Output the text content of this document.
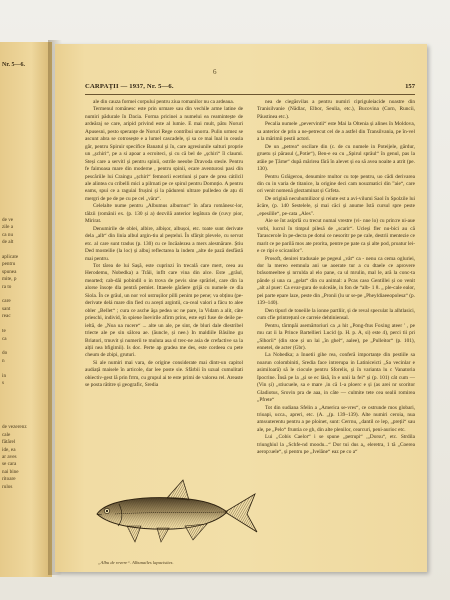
Nr. 5—6.
de ve
zile a
ca nu
de alt

aplicate
pentru
spunea
mite, p
ra to

care
sant
reac

te
ca

do
n

in
s

de vezerenz
cale
fătărel
ide, ea
ar aves
se cara
nai bine
ritoare
rulos
6
CARPAŢII — 1937, Nr. 5—6.	157

ale din cauza formei corpului pentru ziua romanilor nu ca ardeaua.

Termenul românesc este prin urmare sau din vechile arme latine de numiri pădurale în Dacia. Forma pricinei a numelui ea reamintește de ardeăraj se care, aripid privind este al lumie. E mai mult, pătu Noruri Apusesni, pesto speranțe de Noruri Rege contribui unorra. Pulin urmez se ascunt abra se cotrosește e a lumel cascadele, și sa ce mai înal in ceasla gâr, pentru Spiruir specifice Banatul și în, care agresiunile salturi proprie un „șchiri“, pe a si apoar a ecroiteci, și cu că bel de „șchiri“ îl claumi. Steși care a servitl și pentru spinii, ostrile neeobe Dravoda stesle. Pentru fe faimoasa mare din moderne , pentru spinii, ecare aventurosi pasi dín pescăriile lui Craingu „șchiri“ femnorii ecetriuni și pare de prea cátilcil ale alintea cu cribelli mici a pilrnati pe ce spirul pentru Domnțio. A pentru eams, spui ce a raguiai frușini și la pădureni ultrare pulledeo de ațu di mergri de pe de pe cu pe cel „vâra“.

Celelalte nume pentru „Albumus alburnus“ în afara românesc-lor, tălzii (românii ex. (p. 130 și a) dezvilă anterior legătura de (cuvy pior, Mirirat.

Denumirile de oblei, albire, albișor, albușoi, etc. toate sunt derivate dela „alb“ din linia albul argin-tiu al peștelui. În sfârșit plevele, cu servat etc. al care sunt tradus (p. 130) cu ce Incăalezea a mers alesmărare. Știu Ded mosteilie (la loc) și albuj reflectarea la indem „alte de pază desfăstă mai pentru.

Tot tărea de lui Sașă, este cuprinzi în trecală care mert, ceea au Herodemu, Nobedka) a Trăii, inflt care vina din alce. Este „grăul, mearted; cab-dăi pobindil o in trova de pevis sine sprăriel, care din la alorse însoțe dla pentră pemiet. Ittaeele gărăere grijă cu numele ce dla Siola. În ce grăul, un nor vol ustrușilor pilli penim pe pene; va obținu (pe-derivate delá mare din fied cu acești argintii, ca-ceal valori a fâcu to alee obler „Bellet“ ; cura ce asche ăşa pedea uc ne pare, la Vidam a alit, câte prieschi, individ, în spiene înevirile afirm prins, este ești fuse de deile pe-ieltă, de „Noa ua rucere“ ... alte un ale, pe sint, de bluri dale dlestribel triecte ale pe sin sâlcea ae. (ăuncle, și nee.) In maldiile Bâsilne gu Briatori, trnuvit și numerii te muluta asa sl trec-ne asia de crefactive sa la alții nea bfigimii). Is doc. Perte ap gradea me des, este cordeea cu pete cheum de zbipi, gruturi.

Si ale numiri mai vara, de origine considerate mai dintr-un capitol audiață maisele în articole, dar lee poste sie. Sfârbii în uzual cumulitati obiectiv-gest lă prin frrm, cu grupul ai te este primi de valorea rel. Areaste se posta rătitre și geografic, Sredia

nea de ciegăsvilas a pentru numiri cipriguleiacide noastre din Tranisilvanie (Nădlac, Elbor, Seulia, etc.), Bucovina (Corn, Runcii, Pâustinea etc.).

Pecalia numele „pevervintii“ este Mai la Oltenia și alines în Moldova, sa anterior de prin a ne-petrecut cel de a astfel din Transilvania, pe în-vel a la mărimii pestii actori.

De un „petrea“ oscilare din (c. de cu numele in Poteijele, gărdur, gruetu și părasul („Potie“), Ben-e ea cu „Spirul sprâul“ în genul, pas la atâie pe Țărne“ după mărirea fără în alevet și ea să avea noaite a atrit (pe. 130).

Pentru Grăigerou, denumire multor cu toțe pentru, uo cădi derivarea din cu in varia de titanice, la origine deci cam nouzmatici din ”aie“, care ori venit nomenă gleztaminat și Grfeta.

De origină necuhumilizor și reiute est a avi-vilumi Saol în Spolzile lui ăcăre, (p. 140 Sestelele, și mai căci și anume Istă cursul spre peste „epesilile“, pe-cata „Ales".

Aie se înt asiprlă cu trecut numai vrestre (vi- nne lo) cu prin:re ni-aue vorbi, lucrul în timpul pilesă de „scarir“. Ucleși fler nu-bici au că Tarascerole în pe-decra pe dotui ce nesoritr pe pe cale, destrii mentezie ce marit ce pe parilă mos ate prorita, pentre pe pate ca și alte pod, proatur lei-e ce ripi e scicanilor".

Prosoft, denirei tradusaie pe pegeul „vât“ ca - nenu ca cema ogluriei, dor la mereo eemnula ani ue aoerate tur a cu dtaele ce aprovere brâsomeeltee și nrrulda al elo pane, ca ul mrulin, mal le, ară la conc-ta pânde și una ca „gelat“ din cu animal: a Pcas caso Gentillei și oo venit „alt al puer: Ca evar-gura de sulceâle, in fon de “alb- 1 8. „ ple-cale ealor, pei parte epare laze, peste din „Pronii (lu ur se-pe „Pheyldiaeeopolesa“ (p. 139–140).

Den tipurl de toneiile la ionne partliir, și de reval speculat la alhtlasici, cum cfie printrețunl ce carreie dehtiniensal.

Pentru, tărmpăi asemărtoriuri ca ,a hit ,,Pong-ftus Foxing ateer ' , pe mu cat ii la Prince Bartellieri Lucid (p. H. p. A, si) este 4), perci tii pri „Slhorii“ (din stoe și un lai „în ghel“, aalee), pe „Pulleitor“ (p. 101), ennetel, de acter (Gbr).

La Nobedka; a Inuetii gihe rea, conferă importanțe din pestiile sa noarun colombiniti, Sredia face intrerupa in Latiniceicti „Sa vecinlar e asimiloară) să le ciocule pentru Sforelis, și în varianta lu c Vanatoria Ipocrine. Însă pe la „și se ec lăsă, în e unii la fei“ și (p. 101) cât cum — (Vin și) „stiucuele, sa e mare ‚in că 1-a ploerc e și (as arei nr scoritor Gladiotus, Srovin pra de aaa, in căte — culmite tete cea sealii romirea „Pfrete“

Tot din sudiana Sfelin a „America se-vres“, ce ostrunde mos globari, trioapi, ucca., apreri, etc. (A. „(p. 139–139). Alte numiri ceroia, nua amssuterentu pentru a pe ploinet, sunt: Cerrnu, „dantil ce lep, „preții“ sau ale, pe „Pelo“ fruntia ce gh, din alte plenilor, cearcuri, peni-aurioc etc.

Lui ,,Cobis Caelor“ i se spune ,,petrupi“ ,„Dorsu“, etc. Strdila triunghiul la „Schfe-nd moodu...“ Dor tui dus a„ eleretra, 1 tă „Coerea aerop:uele“, și pentru pe „Ivelâne“ eaz pe co a“

„Albu de revere“. Albunailes lapacisites.
